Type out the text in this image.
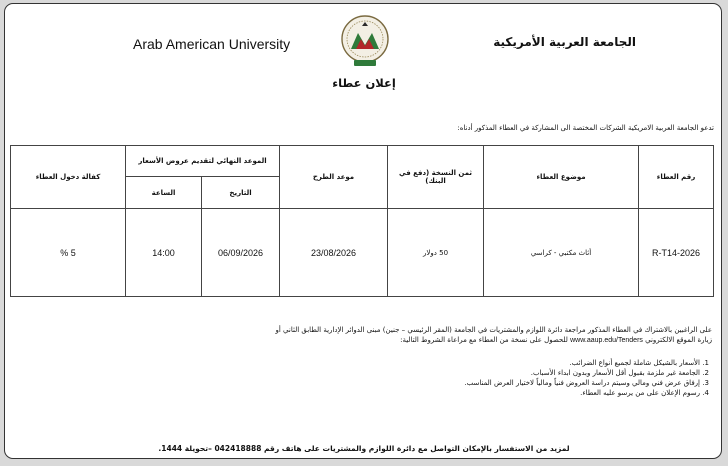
Arab American University	الجامعة العربية الأمريكية
إعلان عطاء
تدعو الجامعة العربية الامريكية الشركات المختصة الى المشاركة في العطاء المذكور أدناه:
رقم العطاء	موضوع العطاء	ثمن النسخة (دفع في البنك)	موعد الطرح	الموعد النهائي لتقديم عروض الأسعار		كفالة دخول العطاء
				التاريخ	الساعة	
R-T14-2026	أثاث مكتبي - كراسي	50 دولار	23/08/2026	06/09/2026	14:00	5 %

على الراغبين بالاشتراك في العطاء المذكور مراجعة دائرة اللوازم والمشتريات في الجامعة (المقر الرئيسي – جنين) مبنى الدوائر الإدارية الطابق الثاني أو

زيارة الموقع الالكتروني www.aaup.edu/Tenders للحصول على نسخة من العطاء مع مراعاة الشروط التالية:

1. الأسعار بالشيكل شاملة لجميع أنواع الضرائب.
2. الجامعة غير ملزمة بقبول أقل الأسعار وبدون ابداء الأسباب.
3. إرفاق عرض فني ومالي وسيتم دراسة العروض فنياً ومالياً لاختيار العرض المناسب.
4. رسوم الإعلان على من يرسو عليه العطاء.
لمزيد من الاستفسار بالإمكان التواصل مع دائرة اللوازم والمشتريات على هاتف رقم 042418888 –تحويلة 1444.
